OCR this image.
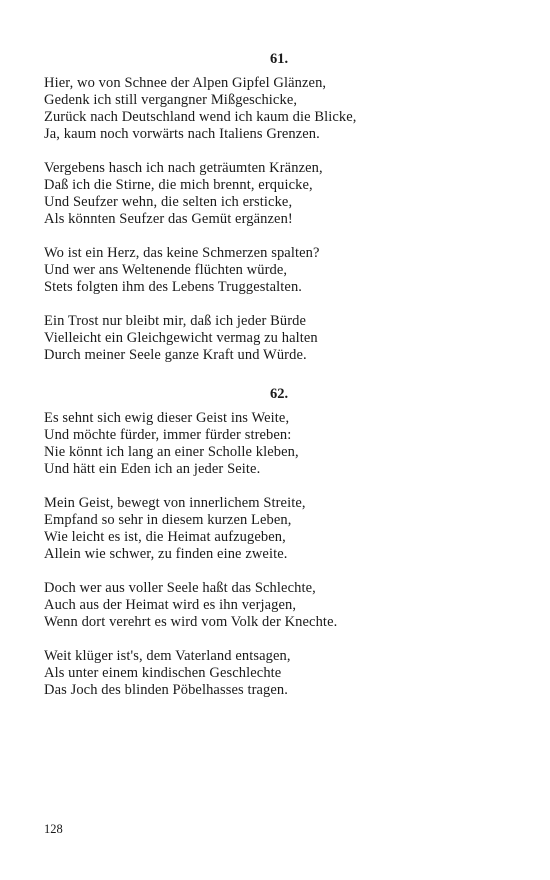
61.
Hier, wo von Schnee der Alpen Gipfel Glänzen,
Gedenk ich still vergangner Mißgeschicke,
Zurück nach Deutschland wend ich kaum die Blicke,
Ja, kaum noch vorwärts nach Italiens Grenzen.
Vergebens hasch ich nach geträumten Kränzen,
Daß ich die Stirne, die mich brennt, erquicke,
Und Seufzer wehn, die selten ich ersticke,
Als könnten Seufzer das Gemüt ergänzen!
Wo ist ein Herz, das keine Schmerzen spalten?
Und wer ans Weltenende flüchten würde,
Stets folgten ihm des Lebens Truggestalten.
Ein Trost nur bleibt mir, daß ich jeder Bürde
Vielleicht ein Gleichgewicht vermag zu halten
Durch meiner Seele ganze Kraft und Würde.
62.
Es sehnt sich ewig dieser Geist ins Weite,
Und möchte fürder, immer fürder streben:
Nie könnt ich lang an einer Scholle kleben,
Und hätt ein Eden ich an jeder Seite.
Mein Geist, bewegt von innerlichem Streite,
Empfand so sehr in diesem kurzen Leben,
Wie leicht es ist, die Heimat aufzugeben,
Allein wie schwer, zu finden eine zweite.
Doch wer aus voller Seele haßt das Schlechte,
Auch aus der Heimat wird es ihn verjagen,
Wenn dort verehrt es wird vom Volk der Knechte.
Weit klüger ist's, dem Vaterland entsagen,
Als unter einem kindischen Geschlechte
Das Joch des blinden Pöbelhasses tragen.
128
